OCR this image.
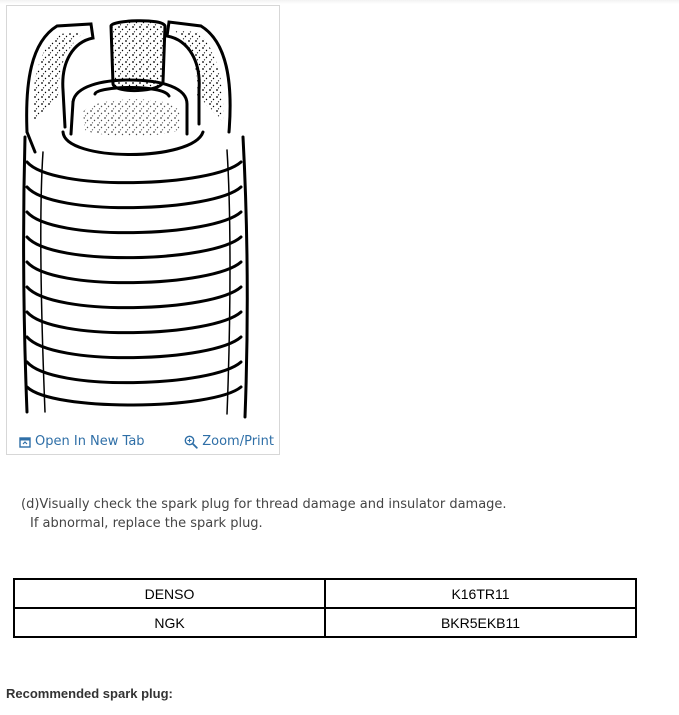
Open In New Tab	Zoom/Print
(d)Visually check the spark plug for thread damage and insulator damage.
If abnormal, replace the spark plug.
DENSO	K16TR11
NGK	BKR5EKB11
Recommended spark plug:
